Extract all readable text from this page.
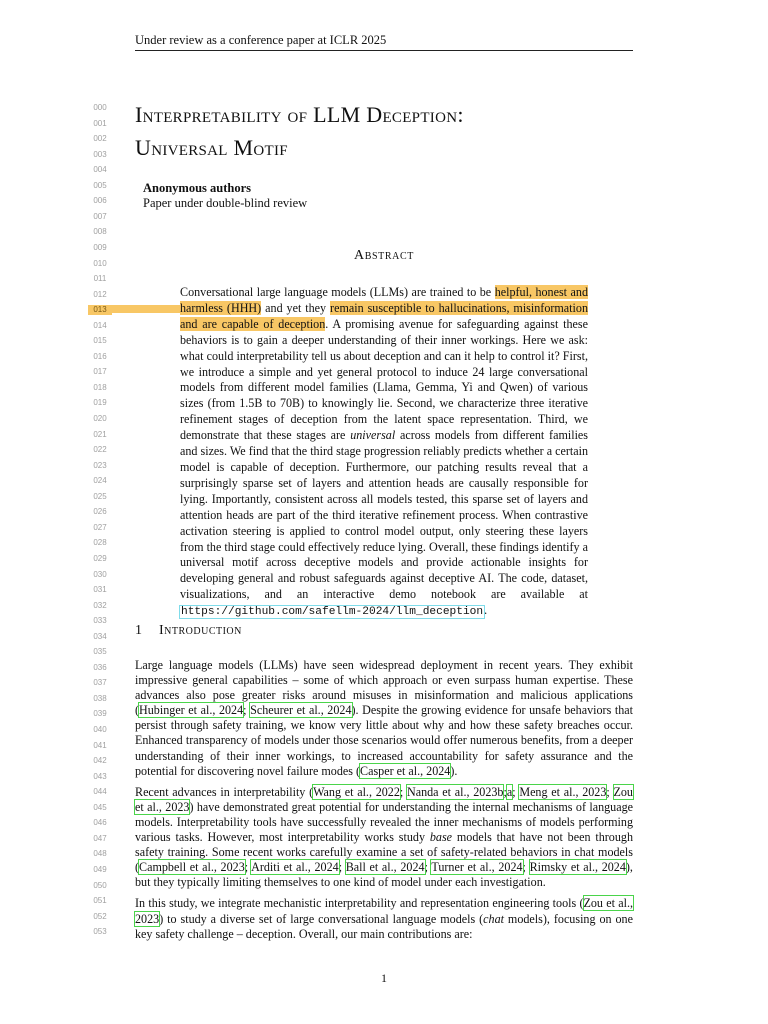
Under review as a conference paper at ICLR 2025
000
001
002
003
004
005
006
007
008
009
010
011
012
013
014
015
016
017
018
019
020
021
022
023
024
025
026
027
028
029
030
031
032
033
034
035
036
037
038
039
040
041
042
043
044
045
046
047
048
049
050
051
052
053
Interpretability of LLM Deception:
Universal Motif
Anonymous authors
Paper under double-blind review
Abstract
Conversational large language models (LLMs) are trained to be helpful, honest and harmless (HHH) and yet they remain susceptible to hallucinations, misinformation and are capable of deception. A promising avenue for safeguarding against these behaviors is to gain a deeper understanding of their inner workings. Here we ask: what could interpretability tell us about deception and can it help to control it? First, we introduce a simple and yet general protocol to induce 24 large conversational models from different model families (Llama, Gemma, Yi and Qwen) of various sizes (from 1.5B to 70B) to knowingly lie. Second, we characterize three iterative refinement stages of deception from the latent space representation. Third, we demonstrate that these stages are universal across models from different families and sizes. We find that the third stage progression reliably predicts whether a certain model is capable of deception. Furthermore, our patching results reveal that a surprisingly sparse set of layers and attention heads are causally responsible for lying. Importantly, consistent across all models tested, this sparse set of layers and attention heads are part of the third iterative refinement process. When contrastive activation steering is applied to control model output, only steering these layers from the third stage could effectively reduce lying. Overall, these findings identify a universal motif across deceptive models and provide actionable insights for developing general and robust safeguards against deceptive AI. The code, dataset, visualizations, and an interactive demo notebook are available at https://github.com/safellm-2024/llm_deception.
1 Introduction

Large language models (LLMs) have seen widespread deployment in recent years. They exhibit impressive general capabilities – some of which approach or even surpass human expertise. These advances also pose greater risks around misuses in misinformation and malicious applications (Hubinger et al., 2024; Scheurer et al., 2024). Despite the growing evidence for unsafe behaviors that persist through safety training, we know very little about why and how these safety breaches occur. Enhanced transparency of models under those scenarios would offer numerous benefits, from a deeper understanding of their inner workings, to increased accountability for safety assurance and the potential for discovering novel failure modes (Casper et al., 2024).

Recent advances in interpretability (Wang et al., 2022; Nanda et al., 2023b;a; Meng et al., 2023; Zou et al., 2023) have demonstrated great potential for understanding the internal mechanisms of language models. Interpretability tools have successfully revealed the inner mechanisms of models performing various tasks. However, most interpretability works study base models that have not been through safety training. Some recent works carefully examine a set of safety-related behaviors in chat models (Campbell et al., 2023; Arditi et al., 2024; Ball et al., 2024; Turner et al., 2024; Rimsky et al., 2024), but they typically limiting themselves to one kind of model under each investigation.

In this study, we integrate mechanistic interpretability and representation engineering tools (Zou et al., 2023) to study a diverse set of large conversational language models (chat models), focusing on one key safety challenge – deception. Overall, our main contributions are:

1
